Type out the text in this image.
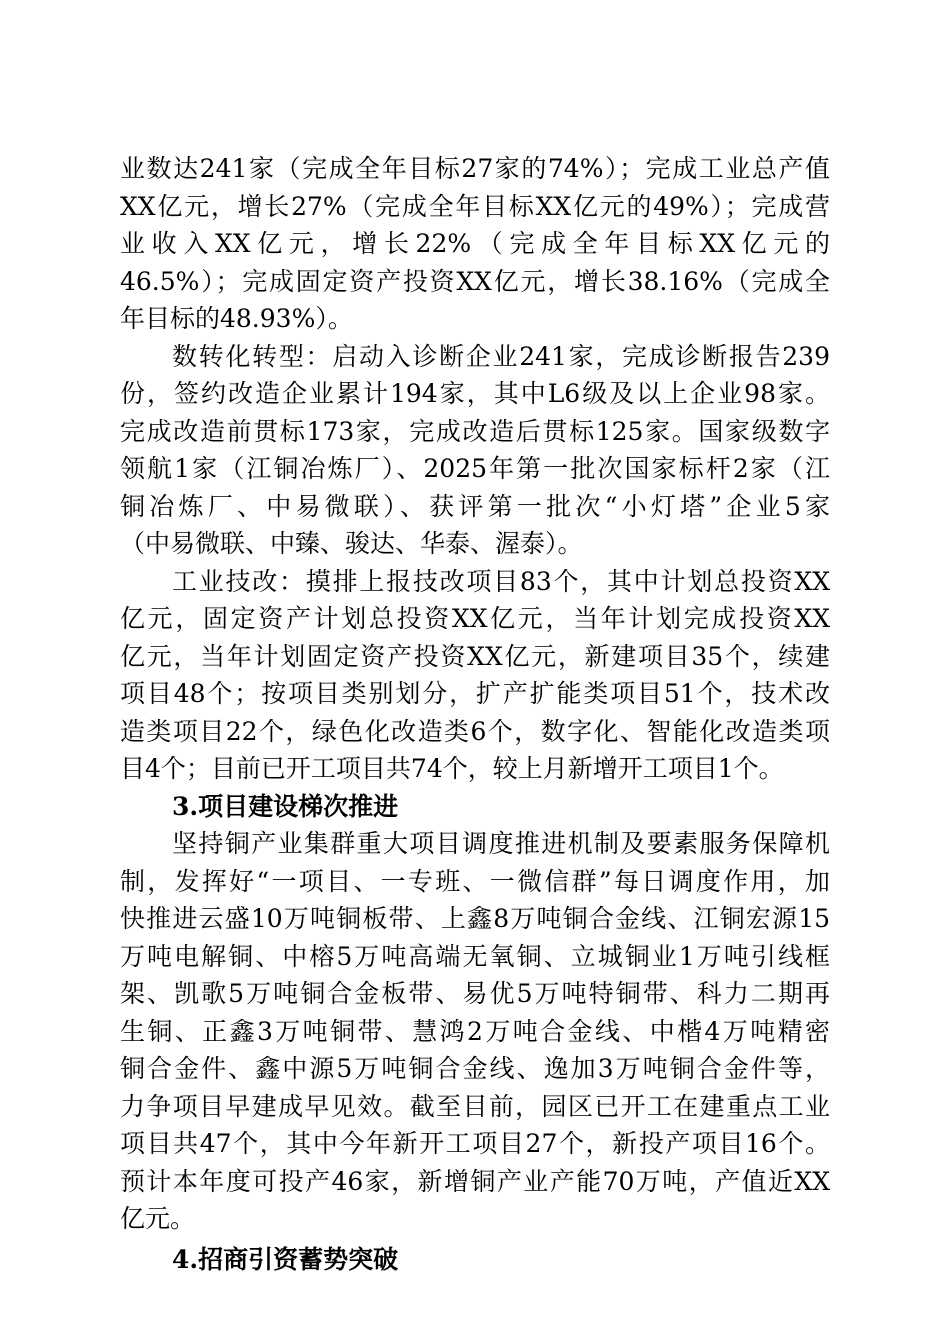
业数达241家（完成全年目标27家的74%）；完成工业总产值
XX亿元，增长27%（完成全年目标XX亿元的49%）；完成营
业收入XX亿元，增长22%（完成全年目标XX亿元的
46.5%）；完成固定资产投资XX亿元，增长38.16%（完成全
年目标的48.93%）。
数转化转型：启动入诊断企业241家，完成诊断报告239
份，签约改造企业累计194家，其中L6级及以上企业98家。
完成改造前贯标173家，完成改造后贯标125家。国家级数字
领航1家（江铜冶炼厂）、2025年第一批次国家标杆2家（江
铜冶炼厂、中易微联）、获评第一批次“小灯塔”企业5家
（中易微联、中臻、骏达、华泰、渥泰）。
工业技改：摸排上报技改项目83个，其中计划总投资XX
亿元，固定资产计划总投资XX亿元，当年计划完成投资XX
亿元，当年计划固定资产投资XX亿元，新建项目35个，续建
项目48个；按项目类别划分，扩产扩能类项目51个，技术改
造类项目22个，绿色化改造类6个，数字化、智能化改造类项
目4个；目前已开工项目共74个，较上月新增开工项目1个。
3.项目建设梯次推进
坚持铜产业集群重大项目调度推进机制及要素服务保障机
制，发挥好“一项目、一专班、一微信群”每日调度作用，加
快推进云盛10万吨铜板带、上鑫8万吨铜合金线、江铜宏源15
万吨电解铜、中榕5万吨高端无氧铜、立城铜业1万吨引线框
架、凯歌5万吨铜合金板带、易优5万吨特铜带、科力二期再
生铜、正鑫3万吨铜带、慧鸿2万吨合金线、中楷4万吨精密
铜合金件、鑫中源5万吨铜合金线、逸加3万吨铜合金件等，
力争项目早建成早见效。截至目前，园区已开工在建重点工业
项目共47个，其中今年新开工项目27个，新投产项目16个。
预计本年度可投产46家，新增铜产业产能70万吨，产值近XX
亿元。
4.招商引资蓄势突破
